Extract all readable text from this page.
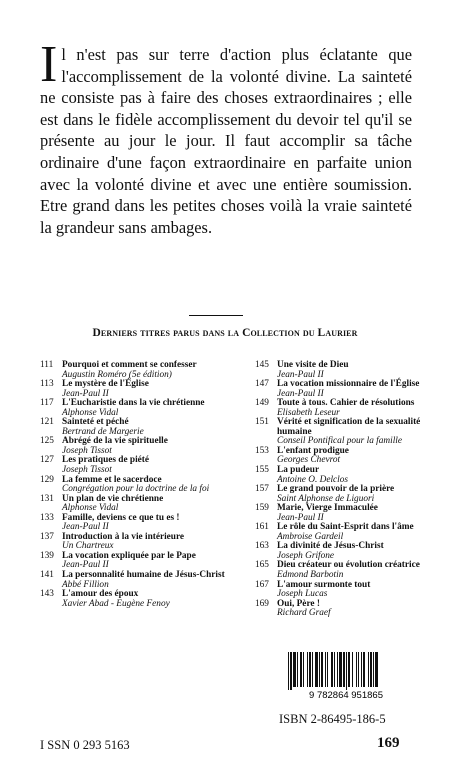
Il n'est pas sur terre d'action plus éclatante que l'accomplissement de la volonté divine. La sainteté ne consiste pas à faire des choses extraordinaires ; elle est dans le fidèle accomplissement du devoir tel qu'il se présente au jour le jour. Il faut accomplir sa tâche ordinaire d'une façon extraordinaire en parfaite union avec la volonté divine et avec une entière soumission. Etre grand dans les petites choses voilà la vraie sainteté la grandeur sans ambages.
Derniers titres parus dans la Collection du Laurier
111 Pourquoi et comment se confesser
Augustin Roméro (5e édition)
113 Le mystère de l'Église
Jean-Paul II
117 L'Eucharistie dans la vie chrétienne
Alphonse Vidal
121 Sainteté et péché
Bertrand de Margerie
125 Abrégé de la vie spirituelle
Joseph Tissot
127 Les pratiques de piété
Joseph Tissot
129 La femme et le sacerdoce
Congrégation pour la doctrine de la foi
131 Un plan de vie chrétienne
Alphonse Vidal
133 Famille, deviens ce que tu es !
Jean-Paul II
137 Introduction à la vie intérieure
Un Chartreux
139 La vocation expliquée par le Pape
Jean-Paul II
141 La personnalité humaine de Jésus-Christ
Abbé Fillion
143 L'amour des époux
Xavier Abad - Eugène Fenoy
145 Une visite de Dieu
Jean-Paul II
147 La vocation missionnaire de l'Église
Jean-Paul II
149 Toute à tous. Cahier de résolutions
Elisabeth Leseur
151 Vérité et signification de la sexualité humaine
Conseil Pontifical pour la famille
153 L'enfant prodigue
Georges Chevrot
155 La pudeur
Antoine O. Delclos
157 Le grand pouvoir de la prière
Saint Alphonse de Liguori
159 Marie, Vierge Immaculée
Jean-Paul II
161 Le rôle du Saint-Esprit dans l'âme
Ambroise Gardeil
163 La divinité de Jésus-Christ
Joseph Grifone
165 Dieu créateur ou évolution créatrice
Edmond Barbotin
167 L'amour surmonte tout
Joseph Lucas
169 Oui, Père !
Richard Graef
9 782864 951865
ISBN 2-86495-186-5
I SSN 0 293 5163	169
